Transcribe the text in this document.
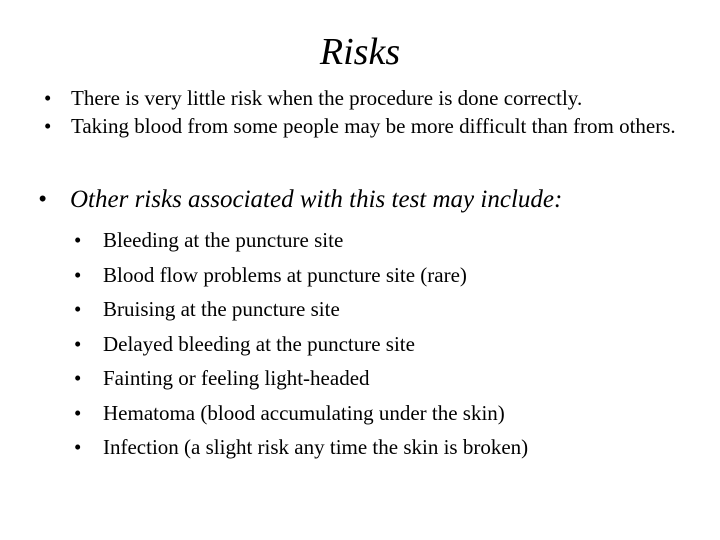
Risks
• There is very little risk when the procedure is done correctly.
• Taking blood from some people may be more difficult than from others.
• Other risks associated with this test may include:
• Bleeding at the puncture site
• Blood flow problems at puncture site (rare)
• Bruising at the puncture site
• Delayed bleeding at the puncture site
• Fainting or feeling light-headed
• Hematoma (blood accumulating under the skin)
• Infection (a slight risk any time the skin is broken)
